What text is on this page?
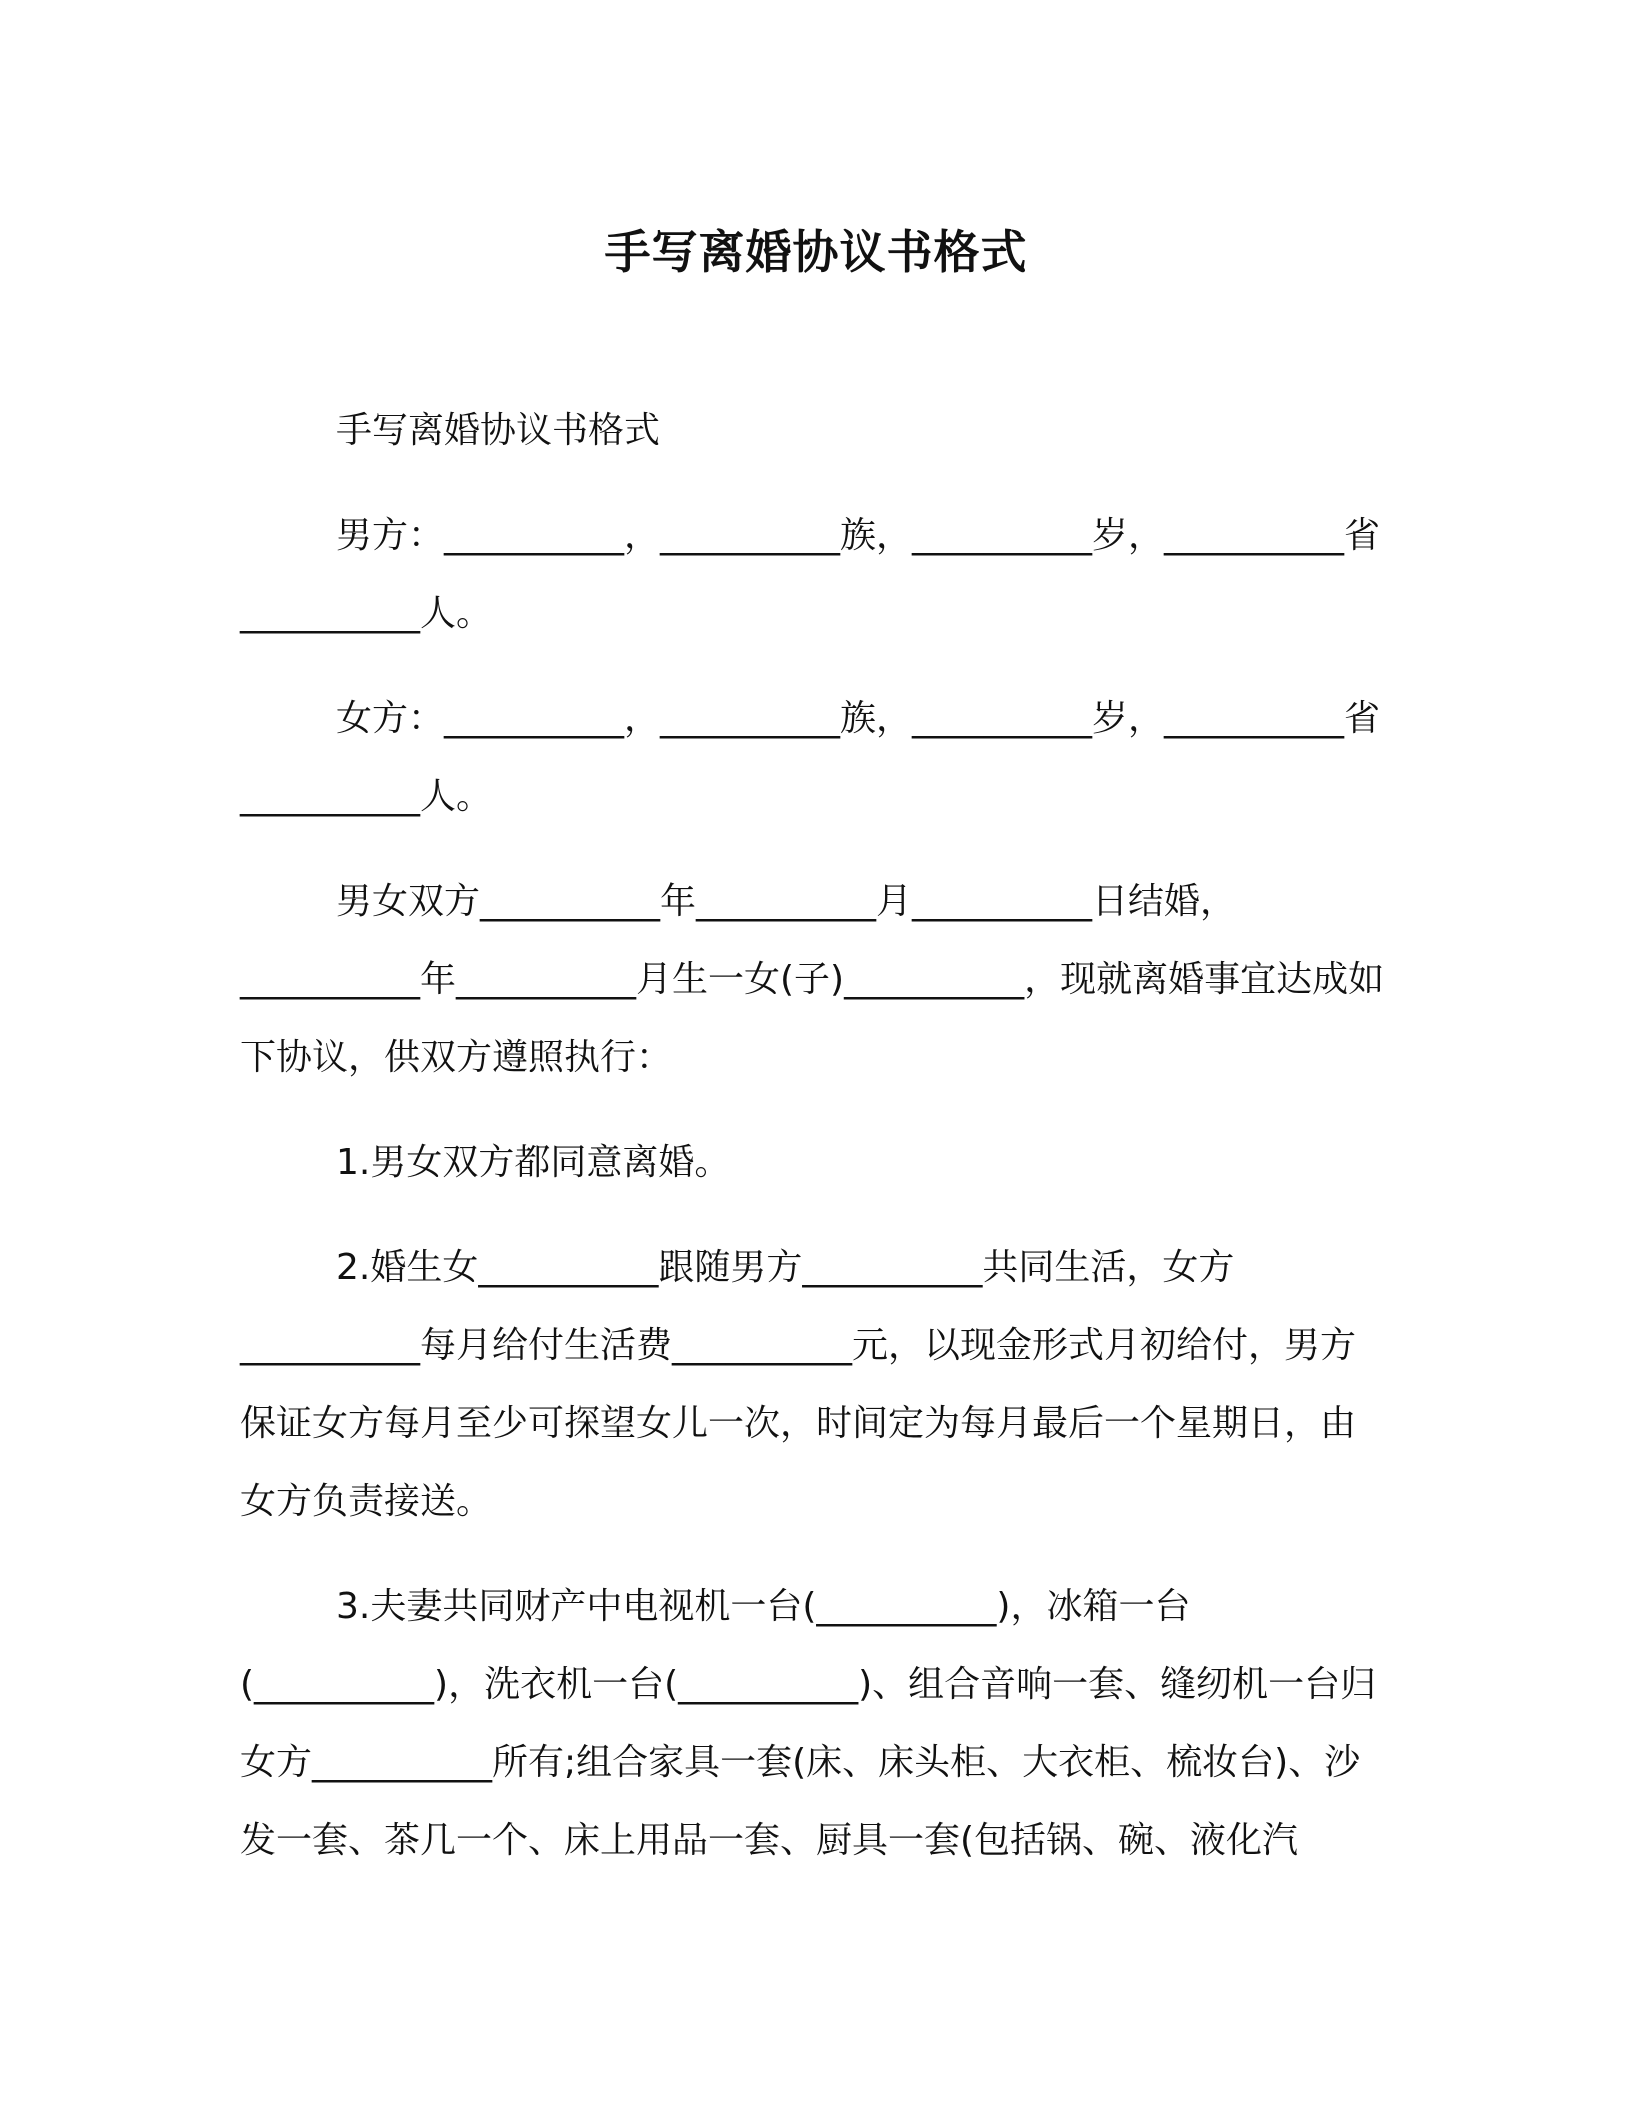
手写离婚协议书格式

手写离婚协议书格式

男方：__________，__________族，__________岁，__________省__________人。

女方：__________，__________族，__________岁，__________省__________人。

男女双方__________年__________月__________日结婚，__________年__________月生一女(子)__________，现就离婚事宜达成如下协议，供双方遵照执行：

1.男女双方都同意离婚。

2.婚生女__________跟随男方__________共同生活，女方__________每月给付生活费__________元，以现金形式月初给付，男方保证女方每月至少可探望女儿一次，时间定为每月最后一个星期日，由女方负责接送。

3.夫妻共同财产中电视机一台(__________)，冰箱一台(__________)，洗衣机一台(__________)、组合音响一套、缝纫机一台归女方__________所有;组合家具一套(床、床头柜、大衣柜、梳妆台)、沙发一套、茶几一个、床上用品一套、厨具一套(包括锅、碗、液化汽
